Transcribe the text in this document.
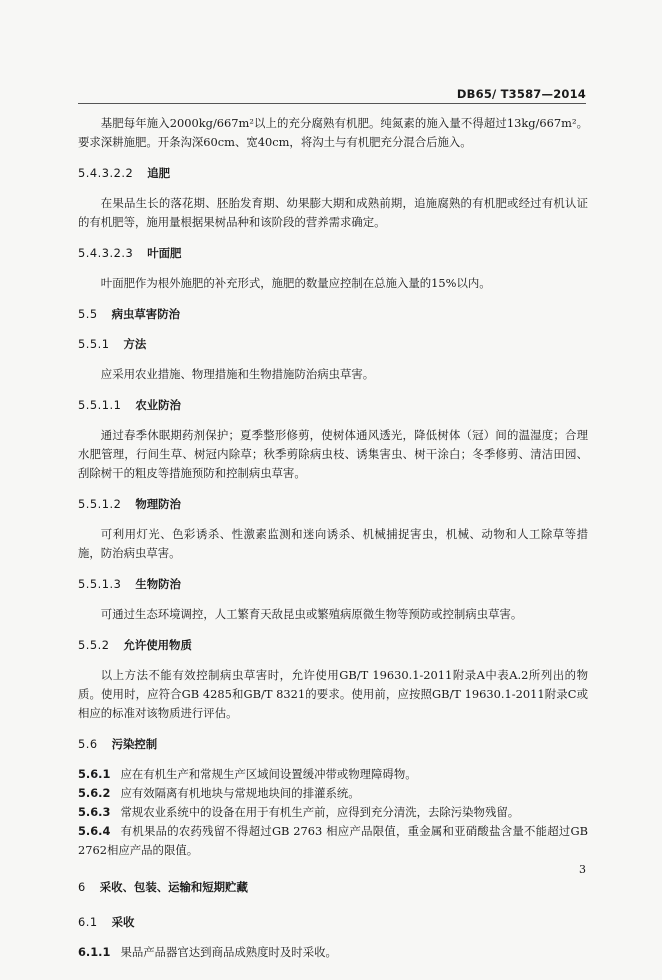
DB65/ T3587—2014

基肥每年施入2000kg/667m²以上的充分腐熟有机肥。纯氮素的施入量不得超过13kg/667m²。要求深耕施肥。开条沟深60cm、宽40cm，将沟土与有机肥充分混合后施入。

5.4.3.2.2 追肥

在果品生长的落花期、胚胎发育期、幼果膨大期和成熟前期，追施腐熟的有机肥或经过有机认证的有机肥等，施用量根据果树品种和该阶段的营养需求确定。

5.4.3.2.3 叶面肥

叶面肥作为根外施肥的补充形式，施肥的数量应控制在总施入量的15%以内。

5.5 病虫草害防治
5.5.1 方法

应采用农业措施、物理措施和生物措施防治病虫草害。

5.5.1.1 农业防治

通过春季休眠期药剂保护；夏季整形修剪，使树体通风透光，降低树体（冠）间的温湿度；合理水肥管理，行间生草、树冠内除草；秋季剪除病虫枝、诱集害虫、树干涂白；冬季修剪、清洁田园、刮除树干的粗皮等措施预防和控制病虫草害。

5.5.1.2 物理防治

可利用灯光、色彩诱杀、性激素监测和迷向诱杀、机械捕捉害虫，机械、动物和人工除草等措施，防治病虫草害。

5.5.1.3 生物防治

可通过生态环境调控，人工繁育天敌昆虫或繁殖病原微生物等预防或控制病虫草害。

5.5.2 允许使用物质

以上方法不能有效控制病虫草害时，允许使用GB/T 19630.1-2011附录A中表A.2所列出的物质。使用时，应符合GB 4285和GB/T 8321的要求。使用前，应按照GB/T 19630.1-2011附录C或相应的标准对该物质进行评估。

5.6 污染控制

5.6.1 应在有机生产和常规生产区域间设置缓冲带或物理障碍物。

5.6.2 应有效隔离有机地块与常规地块间的排灌系统。

5.6.3 常规农业系统中的设备在用于有机生产前，应得到充分清洗，去除污染物残留。

5.6.4 有机果品的农药残留不得超过GB 2763 相应产品限值，重金属和亚硝酸盐含量不能超过GB 2762相应产品的限值。

6 采收、包装、运输和短期贮藏
6.1 采收

6.1.1 果品产品器官达到商品成熟度时及时采收。

3
